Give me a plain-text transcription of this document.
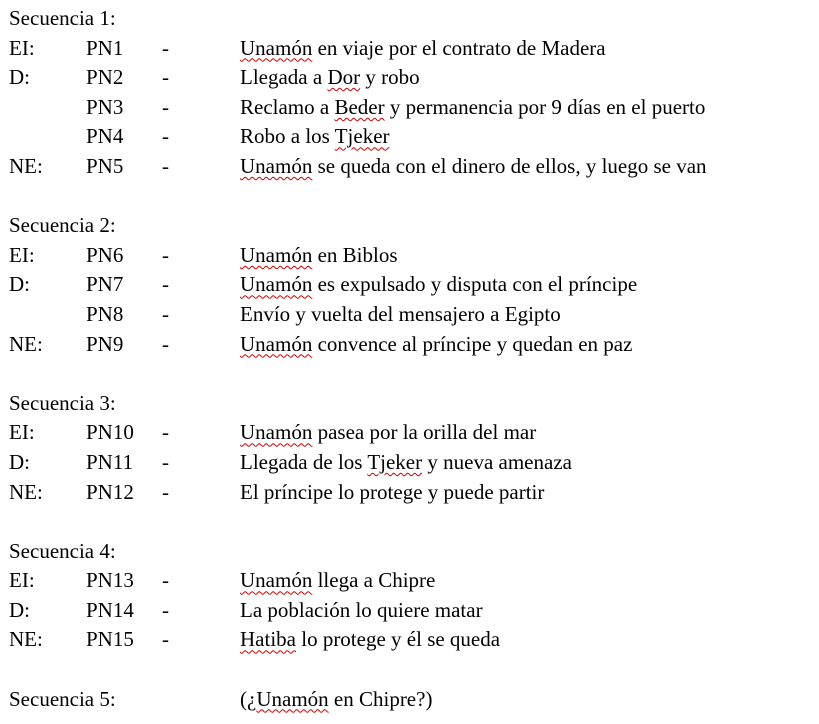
Secuencia 1:
EI: PN1 -	Unamón en viaje por el contrato de Madera
D:	PN2 -	Llegada a Dor y robo
PN3 -	Reclamo a Beder y permanencia por 9 días en el puerto
PN4 -	Robo a los Tjeker
NE: PN5 -	Unamón se queda con el dinero de ellos, y luego se van
Secuencia 2:
EI: PN6 -	Unamón en Biblos
D:	PN7 -	Unamón es expulsado y disputa con el príncipe
PN8 -	Envío y vuelta del mensajero a Egipto
NE: PN9 -	Unamón convence al príncipe y quedan en paz
Secuencia 3:
EI: PN10 -	Unamón pasea por la orilla del mar
D:	PN11 -	Llegada de los Tjeker y nueva amenaza
NE: PN12 -	El príncipe lo protege y puede partir
Secuencia 4:
EI: PN13 -	Unamón llega a Chipre
D:	PN14 -	La población lo quiere matar
NE: PN15 -	Hatiba lo protege y él se queda
Secuencia 5:	(¿Unamón en Chipre?)
